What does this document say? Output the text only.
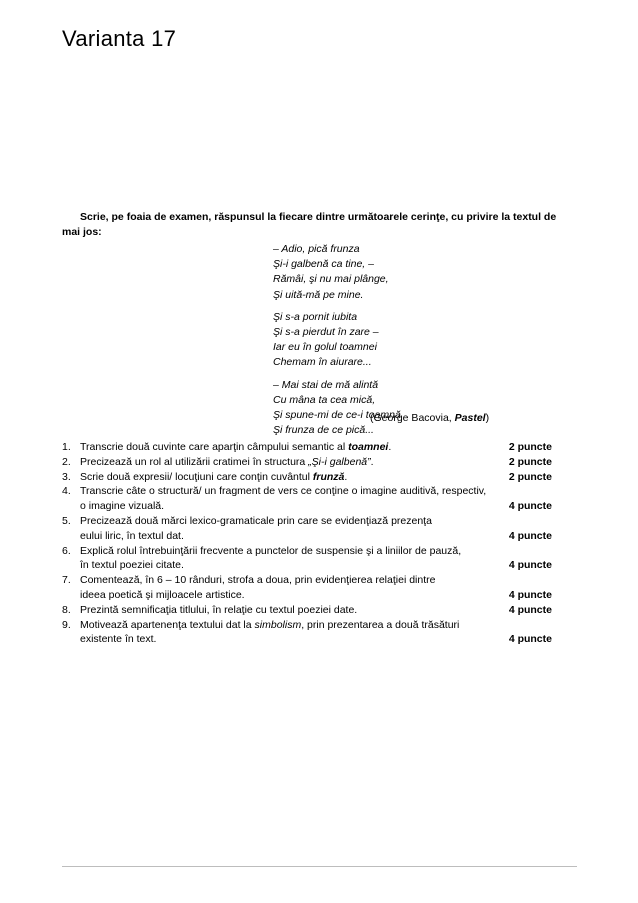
Varianta 17

Scrie, pe foaia de examen, răspunsul la fiecare dintre următoarele cerinţe, cu privire la textul de mai jos:

– Adio, pică frunza
Şi-i galbenă ca tine, –
Rămâi, şi nu mai plânge,
Şi uită-mă pe mine.
Şi s-a pornit iubita
Şi s-a pierdut în zare –
Iar eu în golul toamnei
Chemam în aiurare...
– Mai stai de mă alintă
Cu mâna ta cea mică,
Şi spune-mi de ce-i toamnă
Şi frunza de ce pică...
(George Bacovia, Pastel)
1. Transcrie două cuvinte care aparţin câmpului semantic al toamnei.	2 puncte
2. Precizează un rol al utilizării cratimei în structura „Şi-i galbenă”.	2 puncte
3. Scrie două expresii/ locuţiuni care conţin cuvântul frunză.	2 puncte
4. Transcrie câte o structură/ un fragment de vers ce conţine o imagine auditivă, respectiv,
o imagine vizuală.	4 puncte
5. Precizează două mărci lexico-gramaticale prin care se evidenţiază prezenţa
eului liric, în textul dat.	4 puncte
6. Explică rolul întrebuinţării frecvente a punctelor de suspensie şi a liniilor de pauză,
în textul poeziei citate.	4 puncte
7. Comentează, în 6 – 10 rânduri, strofa a doua, prin evidenţierea relaţiei dintre
ideea poetică şi mijloacele artistice.	4 puncte
8. Prezintă semnificaţia titlului, în relaţie cu textul poeziei date.	4 puncte
9. Motivează apartenenţa textului dat la simbolism, prin prezentarea a două trăsături
existente în text.	4 puncte
